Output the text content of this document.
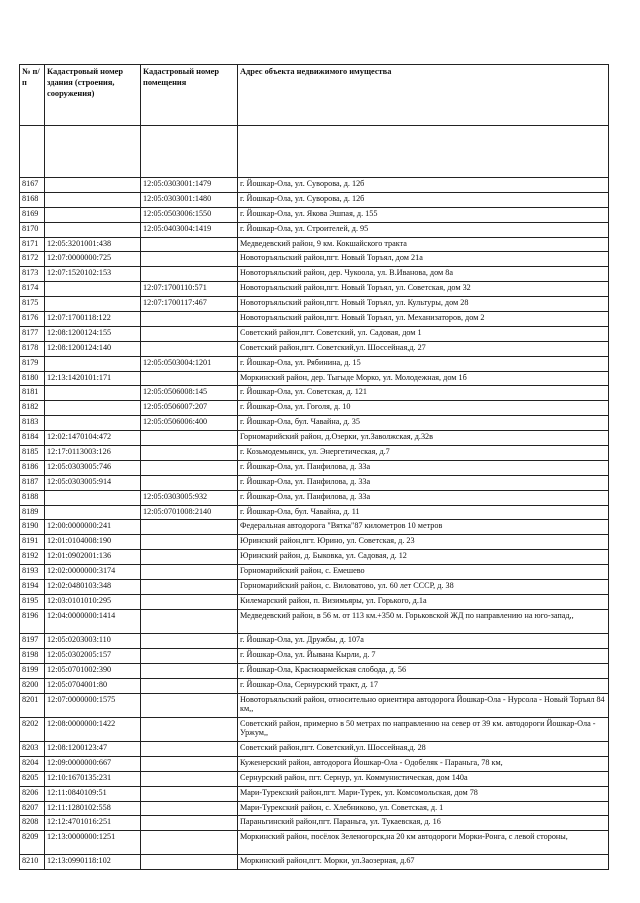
№ п/п	Кадастровый номер здания (строения, сооружения)	Кадастровый номер помещения	Адрес объекта недвижимого имущества

8167		12:05:0303001:1479	г. Йошкар-Ола, ул. Суворова, д. 12б
8168		12:05:0303001:1480	г. Йошкар-Ола, ул. Суворова, д. 12б
8169		12:05:0503006:1550	г. Йошкар-Ола, ул. Якова Эшпая, д. 155
8170		12:05:0403004:1419	г. Йошкар-Ола, ул. Строителей, д. 95
8171	12:05:3201001:438		Медведевский район, 9 км. Кокшайского тракта
8172	12:07:0000000:725		Новоторъяльский район,пгт. Новый Торъял, дом 21а
8173	12:07:1520102:153		Новоторъяльский район, дер. Чукоола, ул. В.Иванова, дом 8а
8174		12:07:1700110:571	Новоторъяльский район,пгт. Новый Торъял, ул. Советская, дом 32
8175		12:07:1700117:467	Новоторъяльский район,пгт. Новый Торъял, ул. Культуры, дом 28
8176	12:07:1700118:122		Новоторъяльский район,пгт. Новый Торъял, ул. Механизаторов, дом 2
8177	12:08:1200124:155		Советский район,пгт. Советский, ул. Садовая, дом 1
8178	12:08:1200124:140		Советский район,пгт. Советский,ул. Шоссейная,д. 27
8179		12:05:0503004:1201	г. Йошкар-Ола, ул. Рябинина, д. 15
8180	12:13:1420101:171		Моркинский район, дер. Тыгыде Морко, ул. Молодежная, дом 1б
8181		12:05:0506008:145	г. Йошкар-Ола, ул. Советская, д. 121
8182		12:05:0506007:207	г. Йошкар-Ола, ул. Гоголя, д. 10
8183		12:05:0506006:400	г. Йошкар-Ола, бул. Чавайна, д. 35
8184	12:02:1470104:472		Горномарийский район, д.Озерки, ул.Заволжская, д.32в
8185	12:17:0113003:126		г. Козьмодемьянск, ул. Энергетическая, д.7
8186	12:05:0303005:746		г. Йошкар-Ола, ул. Панфилова, д. 33а
8187	12:05:0303005:914		г. Йошкар-Ола, ул. Панфилова, д. 33а
8188		12:05:0303005:932	г. Йошкар-Ола, ул. Панфилова, д. 33а
8189		12:05:0701008:2140	г. Йошкар-Ола, бул. Чавайна, д. 11
8190	12:00:0000000:241		Федеральная автодорога "Вятка"87 километров 10 метров
8191	12:01:0104008:190		Юринский район,пгт. Юрино, ул. Советская, д. 23
8192	12:01:0902001:136		Юринский район, д. Быковка, ул. Садовая, д. 12
8193	12:02:0000000:3174		Горномарийский район, с. Емешево
8194	12:02:0480103:348		Горномарийский район, с. Виловатово, ул. 60 лет СССР, д. 38
8195	12:03:0101010:295		Килемарский район, п. Визимьяры, ул. Горького, д.1а
8196	12:04:0000000:1414		Медведевский район, в 56 м. от 113 км.+350 м. Горьковской ЖД по направлению на юго-запад,,
8197	12:05:0203003:110		г. Йошкар-Ола, ул. Дружбы, д. 107а
8198	12:05:0302005:157		г. Йошкар-Ола, ул. Йывана Кырли, д. 7
8199	12:05:0701002:390		г. Йошкар-Ола, Красноармейская слобода, д. 56
8200	12:05:0704001:80		г. Йошкар-Ола, Сернурский тракт, д. 17
8201	12:07:0000000:1575		Новоторъяльский район, относительно ориентира автодорога Йошкар-Ола - Нурсола - Новый Торъял 84 км,,
8202	12:08:0000000:1422		Советский район, примерно в 50 метрах по направлению на север от 39 км. автодороги Йошкар-Ола - Уржум,,
8203	12:08:1200123:47		Советский район,пгт. Советский,ул. Шоссейная,д. 28
8204	12:09:0000000:667		Куженерский район, автодорога Йошкар-Ола - Одобеляк - Параньга, 78 км,
8205	12:10:1670135:231		Сернурский район, пгт. Сернур, ул. Коммунистическая, дом 140а
8206	12:11:0840109:51		Мари-Турекский район,пгт. Мари-Турек, ул. Комсомольская, дом 78
8207	12:11:1280102:558		Мари-Турекский район, с. Хлебниково, ул. Советская, д. 1
8208	12:12:4701016:251		Параньгинский район,пгт. Параньга, ул. Тукаевская, д. 16
8209	12:13:0000000:1251		Моркинский район, посёлок Зеленогорск,на 20 км автодороги Морки-Ронга, с левой стороны,
8210	12:13:0990118:102		Моркинский район,пгт. Морки, ул.Заозерная, д.67
